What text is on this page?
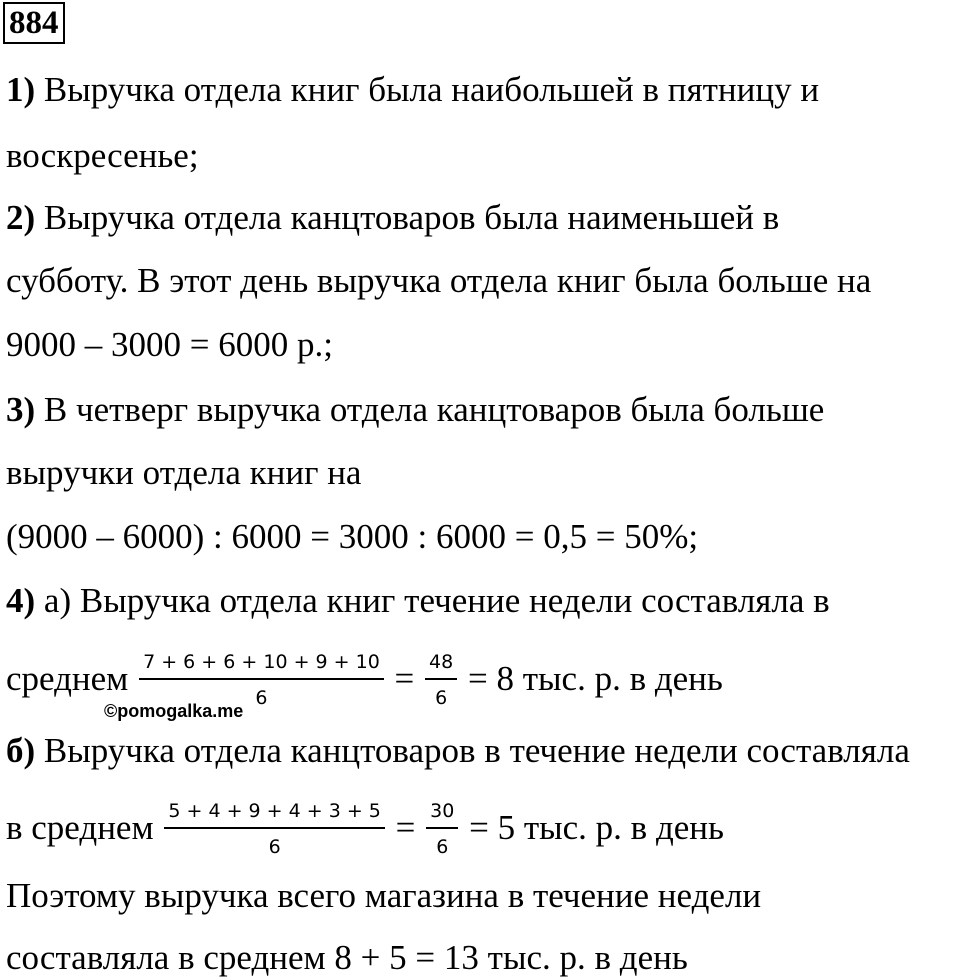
884
1) Выручка отдела книг была наибольшей в пятницу и
воскресенье;
2) Выручка отдела канцтоваров была наименьшей в
субботу. В этот день выручка отдела книг была больше на
9000 – 3000 = 6000 р.;
3) В четверг выручка отдела канцтоваров была больше
выручки отдела книг на
(9000 – 6000) : 6000 = 3000 : 6000 = 0,5 = 50%;
4) а) Выручка отдела книг течение недели составляла в
среднем $\frac{7 + 6 + 6 + 10 + 9 + 10}{6} = \frac{48}{6} = 8$ тыс. р. в день
©pomogalka.me
б) Выручка отдела канцтоваров в течение недели составляла
в среднем $\frac{5 + 4 + 9 + 4 + 3 + 5}{6} = \frac{30}{6} = 5$ тыс. р. в день
Поэтому выручка всего магазина в течение недели
составляла в среднем 8 + 5 = 13 тыс. р. в день
